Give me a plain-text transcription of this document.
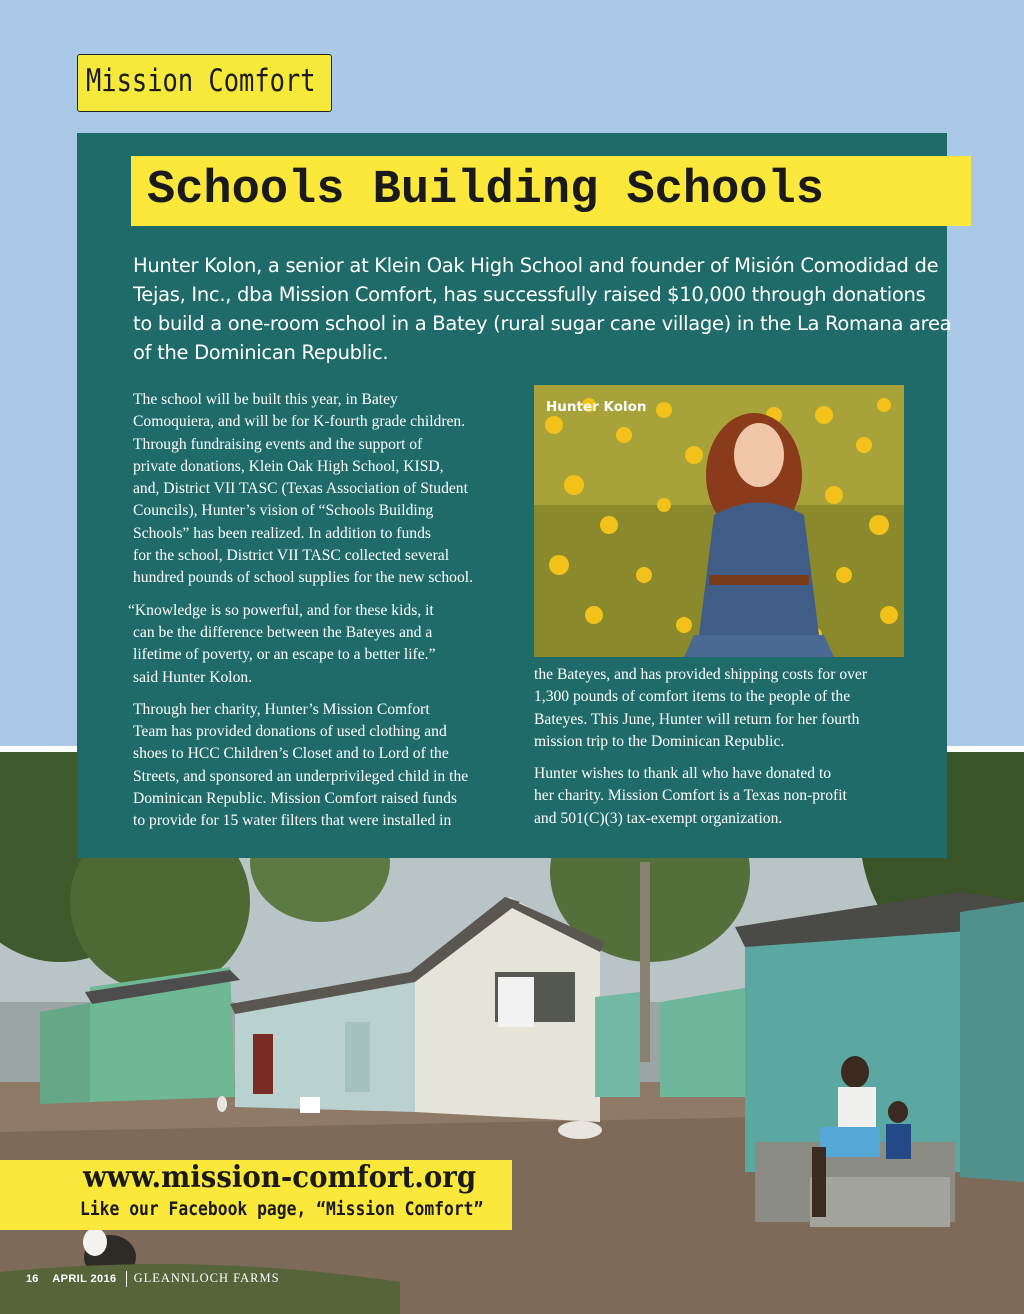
Mission Comfort
Schools Building Schools
Hunter Kolon, a senior at Klein Oak High School and founder of Misión Comodidad de
Tejas, Inc., dba Mission Comfort, has successfully raised $10,000 through donations
to build a one-room school in a Batey (rural sugar cane village) in the La Romana area
of the Dominican Republic.

The school will be built this year, in Batey
Comoquiera, and will be for K-fourth grade children.
Through fundraising events and the support of
private donations, Klein Oak High School, KISD,
and, District VII TASC (Texas Association of Student
Councils), Hunter’s vision of “Schools Building
Schools” has been realized. In addition to funds
for the school, District VII TASC collected several
hundred pounds of school supplies for the new school.

“Knowledge is so powerful, and for these kids, it
can be the difference between the Bateyes and a
lifetime of poverty, or an escape to a better life.”
said Hunter Kolon.

Through her charity, Hunter’s Mission Comfort
Team has provided donations of used clothing and
shoes to HCC Children’s Closet and to Lord of the
Streets, and sponsored an underprivileged child in the
Dominican Republic. Mission Comfort raised funds
to provide for 15 water filters that were installed in

Hunter Kolon

the Bateyes, and has provided shipping costs for over
1,300 pounds of comfort items to the people of the
Bateyes. This June, Hunter will return for her fourth
mission trip to the Dominican Republic.

Hunter wishes to thank all who have donated to
her charity. Mission Comfort is a Texas non-profit
and 501(C)(3) tax-exempt organization.

www.mission-comfort.org
Like our Facebook page, “Mission Comfort”
16 APRIL 2016 GLEANNLOCH FARMS
